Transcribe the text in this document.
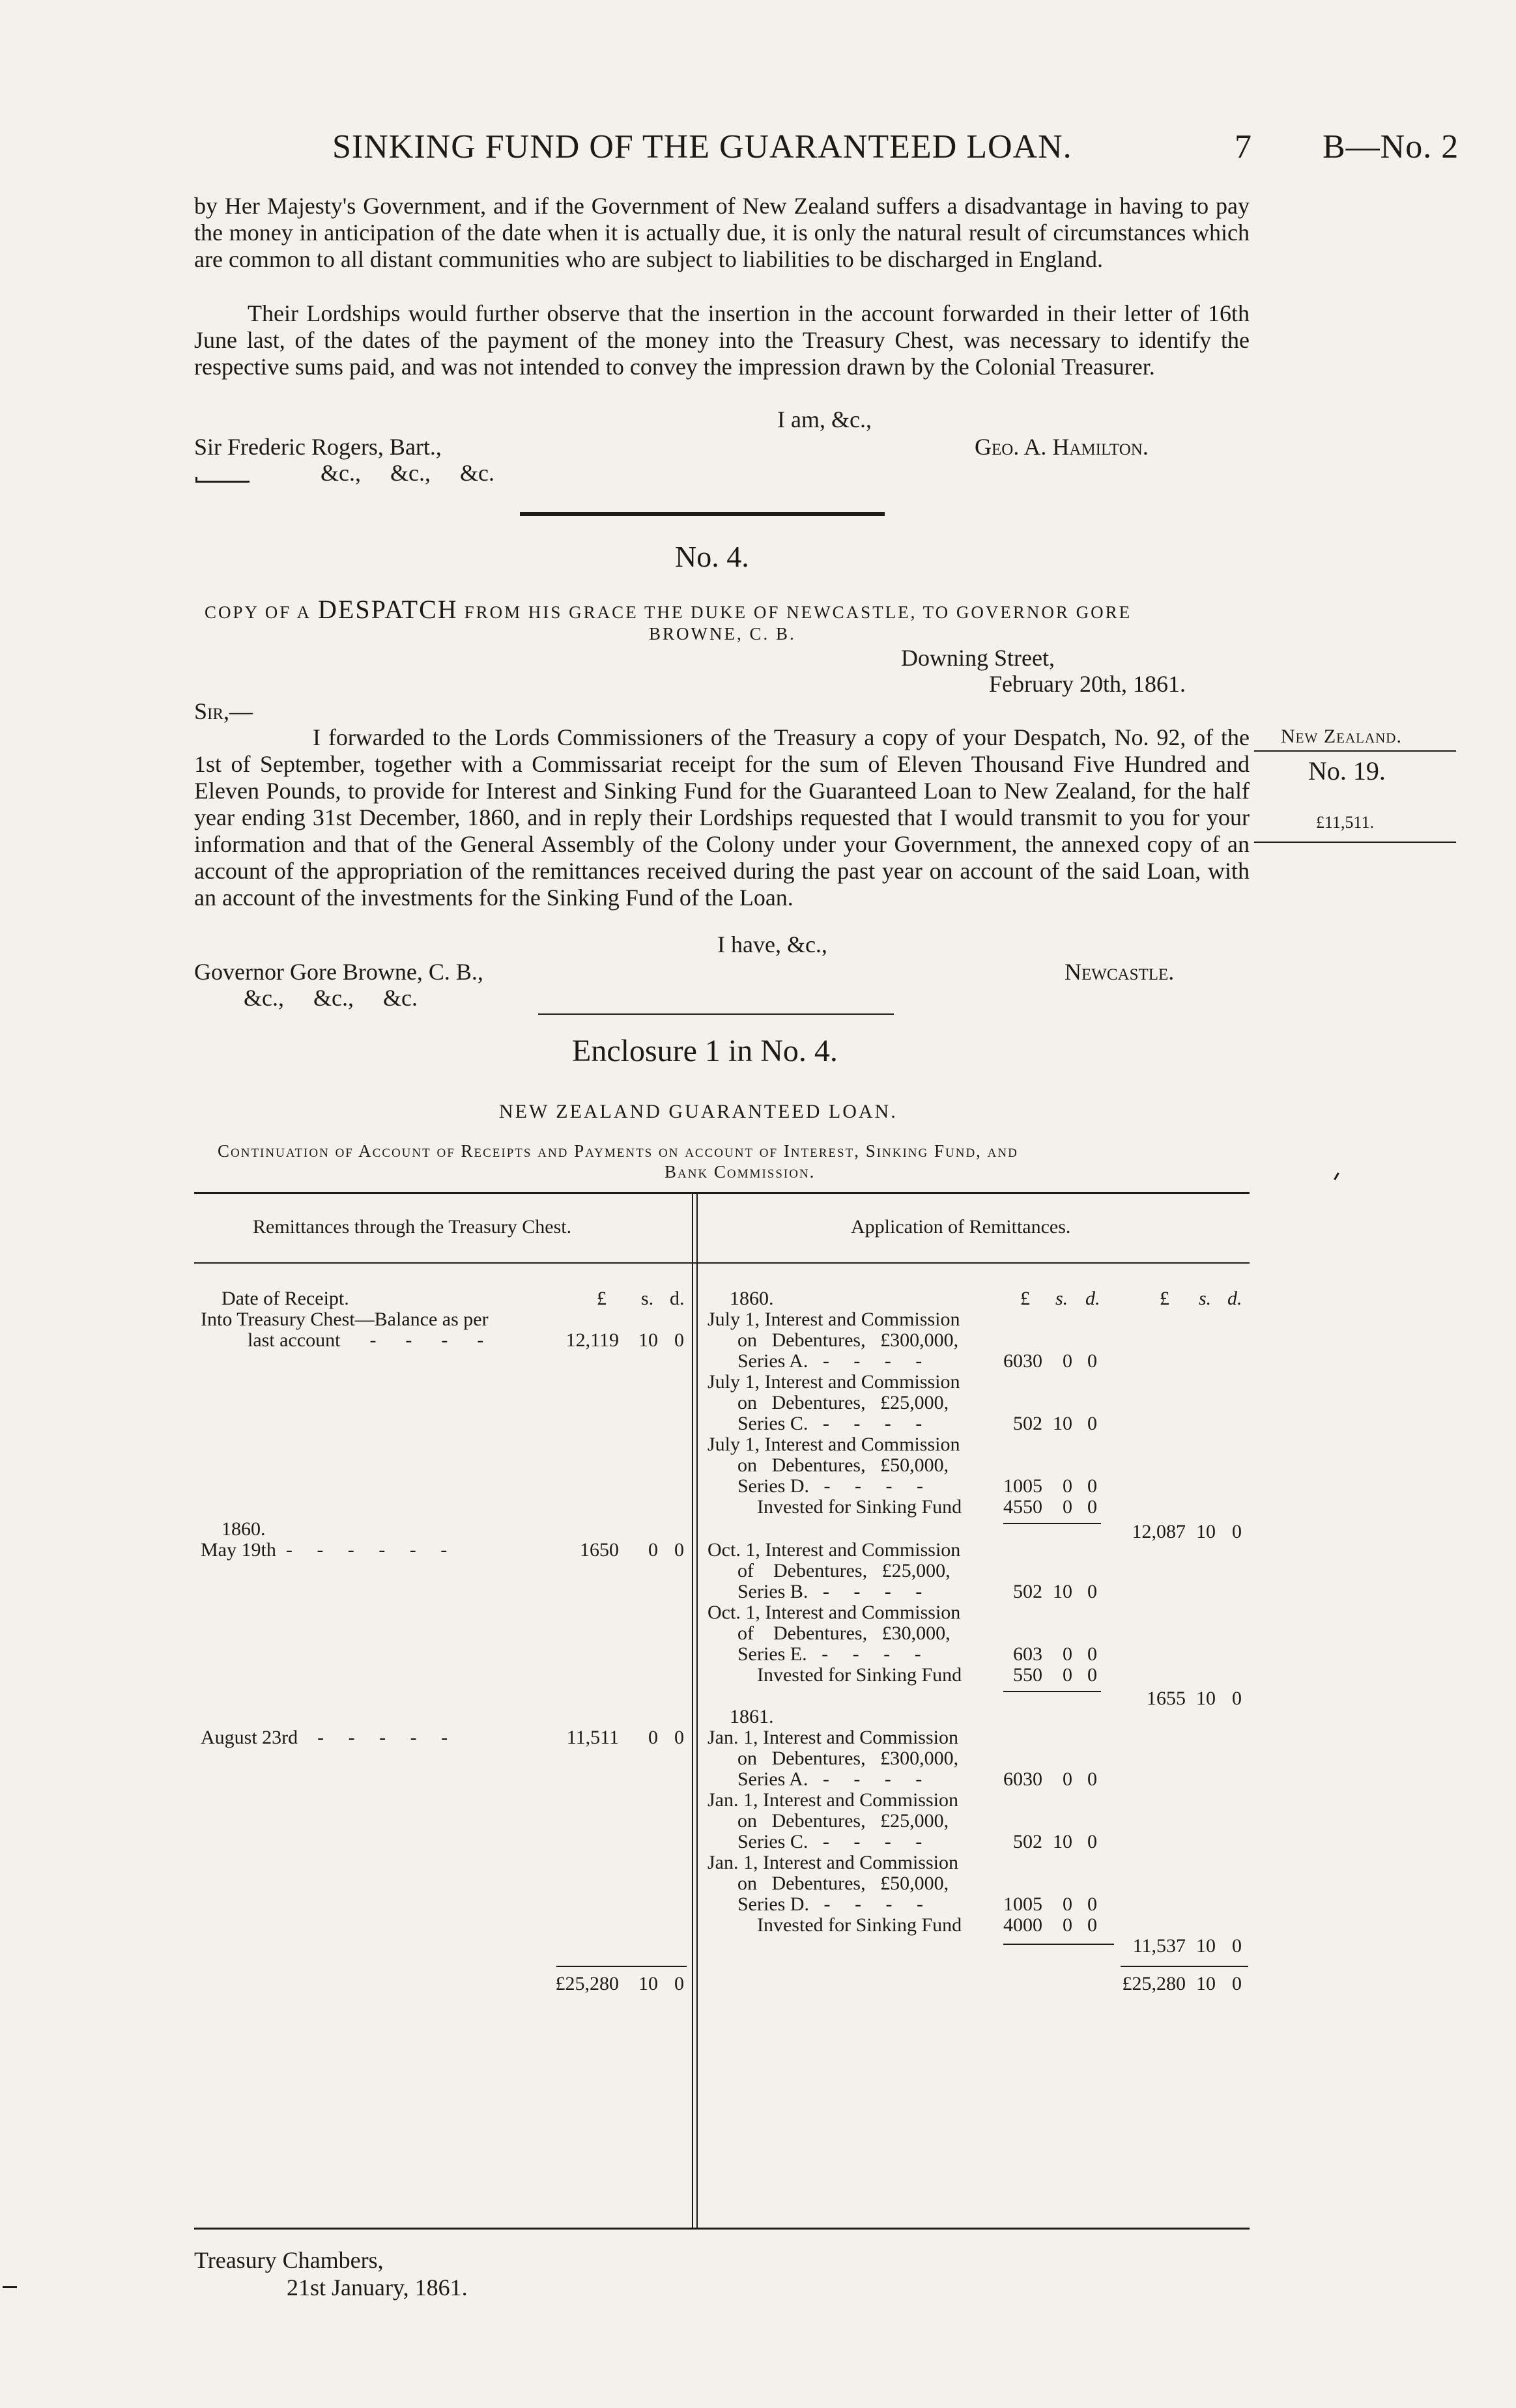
SINKING FUND OF THE GUARANTEED LOAN.	7 B—No. 2
by Her Majesty's Government, and if the Government of New Zealand suffers a disadvantage in having to pay the money in anticipation of the date when it is actually due, it is only the natural result of circumstances which are common to all distant communities who are subject to liabilities to be discharged in England.
Their Lordships would further observe that the insertion in the account forwarded in their letter of 16th June last, of the dates of the payment of the money into the Treasury Chest, was necessary to identify the respective sums paid, and was not intended to convey the impression drawn by the Colonial Treasurer.
I am, &c.,
Geo. A. Hamilton.
Sir Frederic Rogers, Bart.,
&c.,     &c.,     &c.
No. 4.
COPY OF A DESPATCH FROM HIS GRACE THE DUKE OF NEWCASTLE, TO GOVERNOR GORE
BROWNE, C. B.
Downing Street,
February 20th, 1861.
Sir,—
I forwarded to the Lords Commissioners of the Treasury a copy of your Despatch, No. 92, of the 1st of September, together with a Commissariat receipt for the sum of Eleven Thousand Five Hundred and Eleven Pounds, to provide for Interest and Sinking Fund for the Guaranteed Loan to New Zealand, for the half year ending 31st December, 1860, and in reply their Lordships requested that I would transmit to you for your information and that of the General Assembly of the Colony under your Government, the annexed copy of an account of the appropriation of the remittances received during the past year on account of the said Loan, with an account of the investments for the Sinking Fund of the Loan.
I have, &c.,
Newcastle.
Governor Gore Browne, C. B.,
&c.,     &c.,     &c.
New Zealand.
No. 19.
£11,511.
Enclosure 1 in No. 4.
NEW ZEALAND GUARANTEED LOAN.
Continuation of Account of Receipts and Payments on account of Interest, Sinking Fund, and
Bank Commission.
Remittances through the Treasury Chest.	Application of Remittances.
£ s. d.	£ s. d.	£ s. d.
Date of Receipt.
Into Treasury Chest—Balance as per
last account      -      -      -      -	12,119	10 0
1860.
May 19th  -     -     -     -     -     -	1650	0 0
August 23rd    -     -     -     -     -	11,511	0 0
£25,280	10 0
1860.
July 1, Interest and Commission
on   Debentures,   £300,000,
Series A.   -     -     -     -	6030	0 0
July 1, Interest and Commission
on   Debentures,   £25,000,
Series C.   -     -     -     -	502 10 0
July 1, Interest and Commission
on   Debentures,   £50,000,
Series D.   -     -     -     -	1005	0 0
Invested for Sinking Fund	4550	0 0
12,087 10 0
Oct. 1, Interest and Commission
of    Debentures,   £25,000,
Series B.   -     -     -     -	502 10 0
Oct. 1, Interest and Commission
of    Debentures,   £30,000,
Series E.   -     -     -     -	603	0 0
Invested for Sinking Fund	550	0 0
1655 10 0
1861.
Jan. 1, Interest and Commission
on   Debentures,   £300,000,
Series A.   -     -     -     -	6030	0 0
Jan. 1, Interest and Commission
on   Debentures,   £25,000,
Series C.   -     -     -     -	502 10 0
Jan. 1, Interest and Commission
on   Debentures,   £50,000,
Series D.   -     -     -     -	1005	0 0
Invested for Sinking Fund	4000	0 0
11,537 10 0
£25,280 10 0
Treasury Chambers,
21st January, 1861.
